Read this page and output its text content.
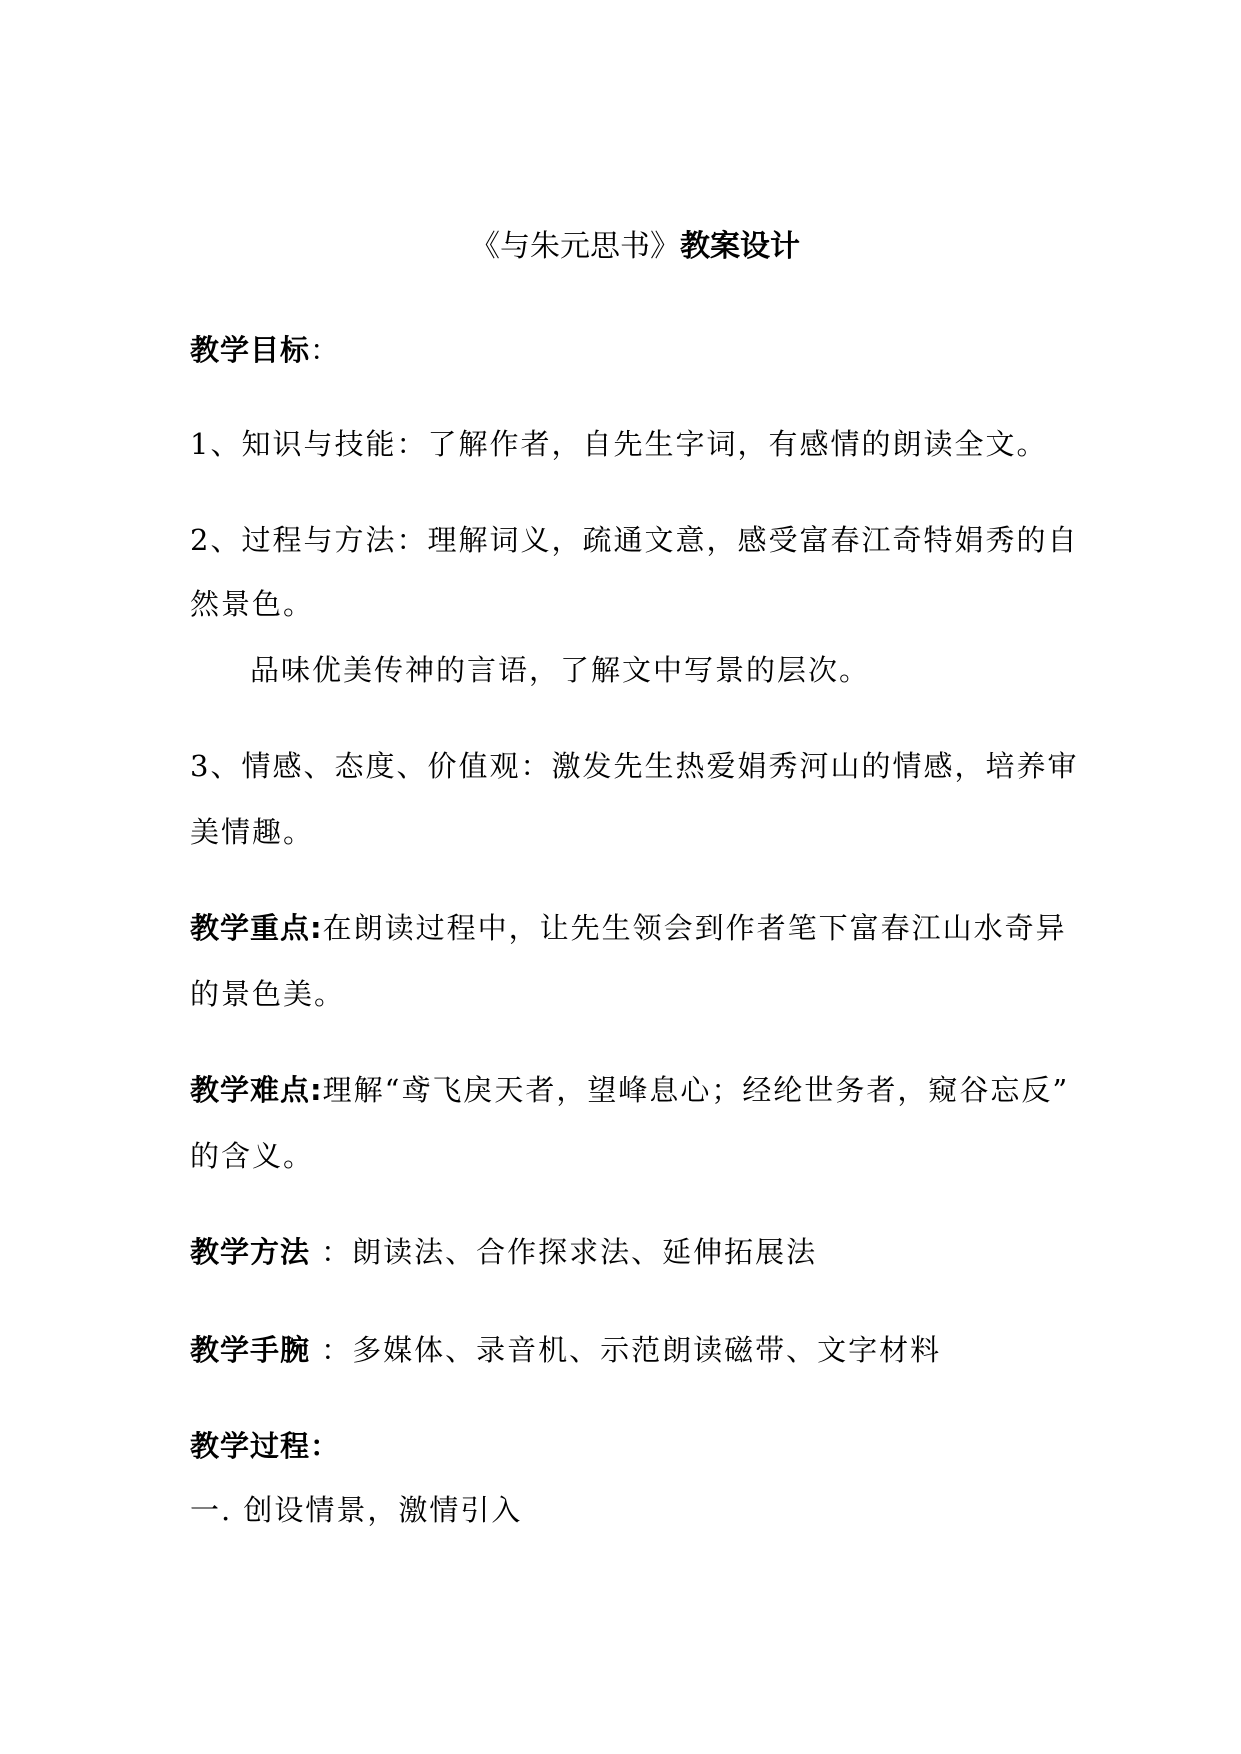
《与朱元思书》教案设计
教学目标：
1、知识与技能：了解作者，自先生字词，有感情的朗读全文。
2、过程与方法：理解词义，疏通文意，感受富春江奇特娟秀的自
然景色。
品味优美传神的言语，了解文中写景的层次。
3、情感、态度、价值观：激发先生热爱娟秀河山的情感，培养审
美情趣。
教学重点:在朗读过程中，让先生领会到作者笔下富春江山水奇异
的景色美。
教学难点:理解“鸢飞戾天者，望峰息心；经纶世务者，窥谷忘反”
的含义。
教学方法 ：朗读法、合作探求法、延伸拓展法
教学手腕 ：多媒体、录音机、示范朗读磁带、文字材料
教学过程：
一. 创设情景，激情引入
